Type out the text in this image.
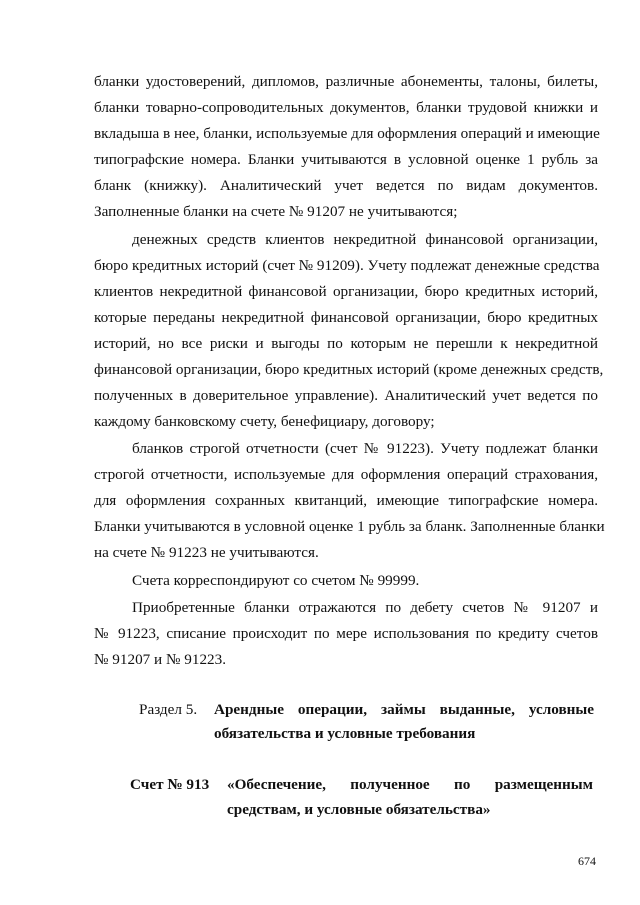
бланки удостоверений, дипломов, различные абонементы, талоны, билеты,
бланки товарно-сопроводительных документов, бланки трудовой книжки и
вкладыша в нее, бланки, используемые для оформления операций и имеющие
типографские номера. Бланки учитываются в условной оценке 1 рубль за
бланк (книжку). Аналитический учет ведется по видам документов.
Заполненные бланки на счете № 91207 не учитываются;
денежных средств клиентов некредитной финансовой организации,
бюро кредитных историй (счет № 91209). Учету подлежат денежные средства
клиентов некредитной финансовой организации, бюро кредитных историй,
которые переданы некредитной финансовой организации, бюро кредитных
историй, но все риски и выгоды по которым не перешли к некредитной
финансовой организации, бюро кредитных историй (кроме денежных средств,
полученных в доверительное управление). Аналитический учет ведется по
каждому банковскому счету, бенефициару, договору;
бланков строгой отчетности (счет № 91223). Учету подлежат бланки
строгой отчетности, используемые для оформления операций страхования,
для оформления сохранных квитанций, имеющие типографские номера.
Бланки учитываются в условной оценке 1 рубль за бланк. Заполненные бланки
на счете № 91223 не учитываются.
Счета корреспондируют со счетом № 99999.
Приобретенные бланки отражаются по дебету счетов № 91207 и
№ 91223, списание происходит по мере использования по кредиту счетов
№ 91207 и № 91223.
Раздел 5. Арендные операции, займы выданные, условные
обязательства и условные требования
Счет № 913 «Обеспечение, полученное по размещенным
средствам, и условные обязательства»
674
